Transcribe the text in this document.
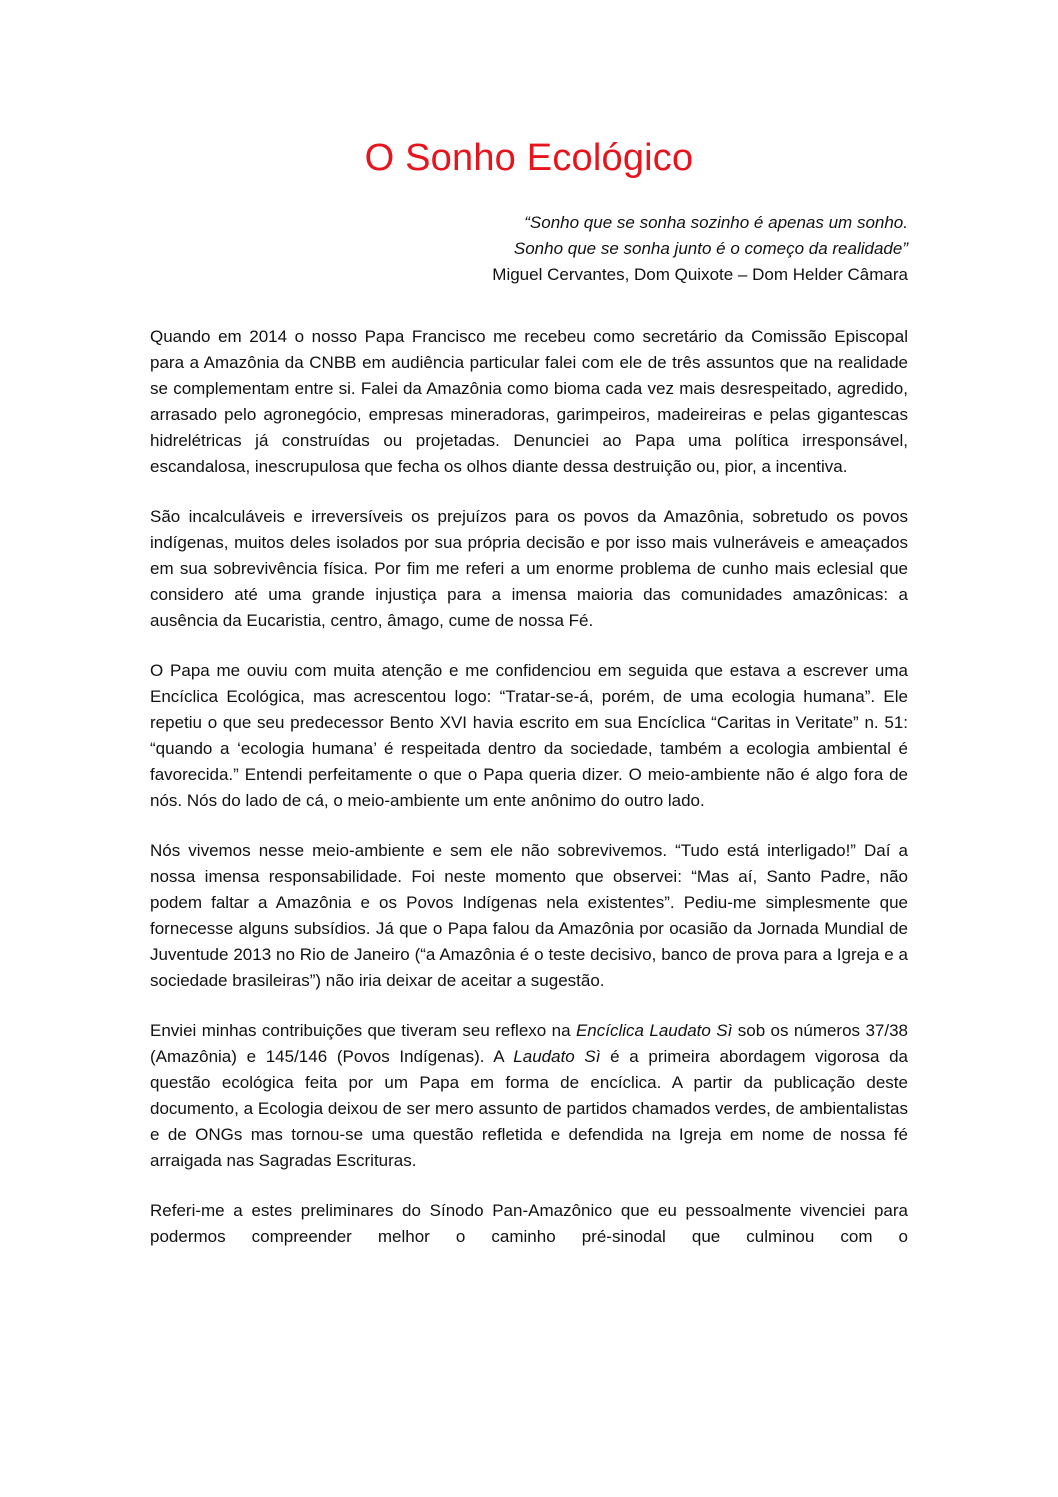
O Sonho Ecológico
“Sonho que se sonha sozinho é apenas um sonho.
Sonho que se sonha junto é o começo da realidade”
Miguel Cervantes, Dom Quixote – Dom Helder Câmara

Quando em 2014 o nosso Papa Francisco me recebeu como secretário da Comissão Episcopal para a Amazônia da CNBB em audiência particular falei com ele de três assuntos que na realidade se complementam entre si. Falei da Amazônia como bioma cada vez mais desrespeitado, agredido, arrasado pelo agronegócio, empresas mineradoras, garimpeiros, madeireiras e pelas gigantescas hidrelétricas já construídas ou projetadas. Denunciei ao Papa uma política irresponsável, escandalosa, inescrupulosa que fecha os olhos diante dessa destruição ou, pior, a incentiva.

São incalculáveis e irreversíveis os prejuízos para os povos da Amazônia, sobretudo os povos indígenas, muitos deles isolados por sua própria decisão e por isso mais vulneráveis e ameaçados em sua sobrevivência física. Por fim me referi a um enorme problema de cunho mais eclesial que considero até uma grande injustiça para a imensa maioria das comunidades amazônicas: a ausência da Eucaristia, centro, âmago, cume de nossa Fé.

O Papa me ouviu com muita atenção e me confidenciou em seguida que estava a escrever uma Encíclica Ecológica, mas acrescentou logo: “Tratar-se-á, porém, de uma ecologia humana”. Ele repetiu o que seu predecessor Bento XVI havia escrito em sua Encíclica “Caritas in Veritate” n. 51: “quando a ‘ecologia humana’ é respeitada dentro da sociedade, também a ecologia ambiental é favorecida.” Entendi perfeitamente o que o Papa queria dizer. O meio-ambiente não é algo fora de nós. Nós do lado de cá, o meio-ambiente um ente anônimo do outro lado.

Nós vivemos nesse meio-ambiente e sem ele não sobrevivemos. “Tudo está interligado!” Daí a nossa imensa responsabilidade. Foi neste momento que observei: “Mas aí, Santo Padre, não podem faltar a Amazônia e os Povos Indígenas nela existentes”. Pediu-me simplesmente que fornecesse alguns subsídios. Já que o Papa falou da Amazônia por ocasião da Jornada Mundial de Juventude 2013 no Rio de Janeiro (“a Amazônia é o teste decisivo, banco de prova para a Igreja e a sociedade brasileiras”) não iria deixar de aceitar a sugestão.

Enviei minhas contribuições que tiveram seu reflexo na Encíclica Laudato Sì sob os números 37/38 (Amazônia) e 145/146 (Povos Indígenas). A Laudato Sì é a primeira abordagem vigorosa da questão ecológica feita por um Papa em forma de encíclica. A partir da publicação deste documento, a Ecologia deixou de ser mero assunto de partidos chamados verdes, de ambientalistas e de ONGs mas tornou-se uma questão refletida e defendida na Igreja em nome de nossa fé arraigada nas Sagradas Escrituras.

Referi-me a estes preliminares do Sínodo Pan-Amazônico que eu pessoalmente vivenciei para podermos compreender melhor o caminho pré-sinodal que culminou com o
